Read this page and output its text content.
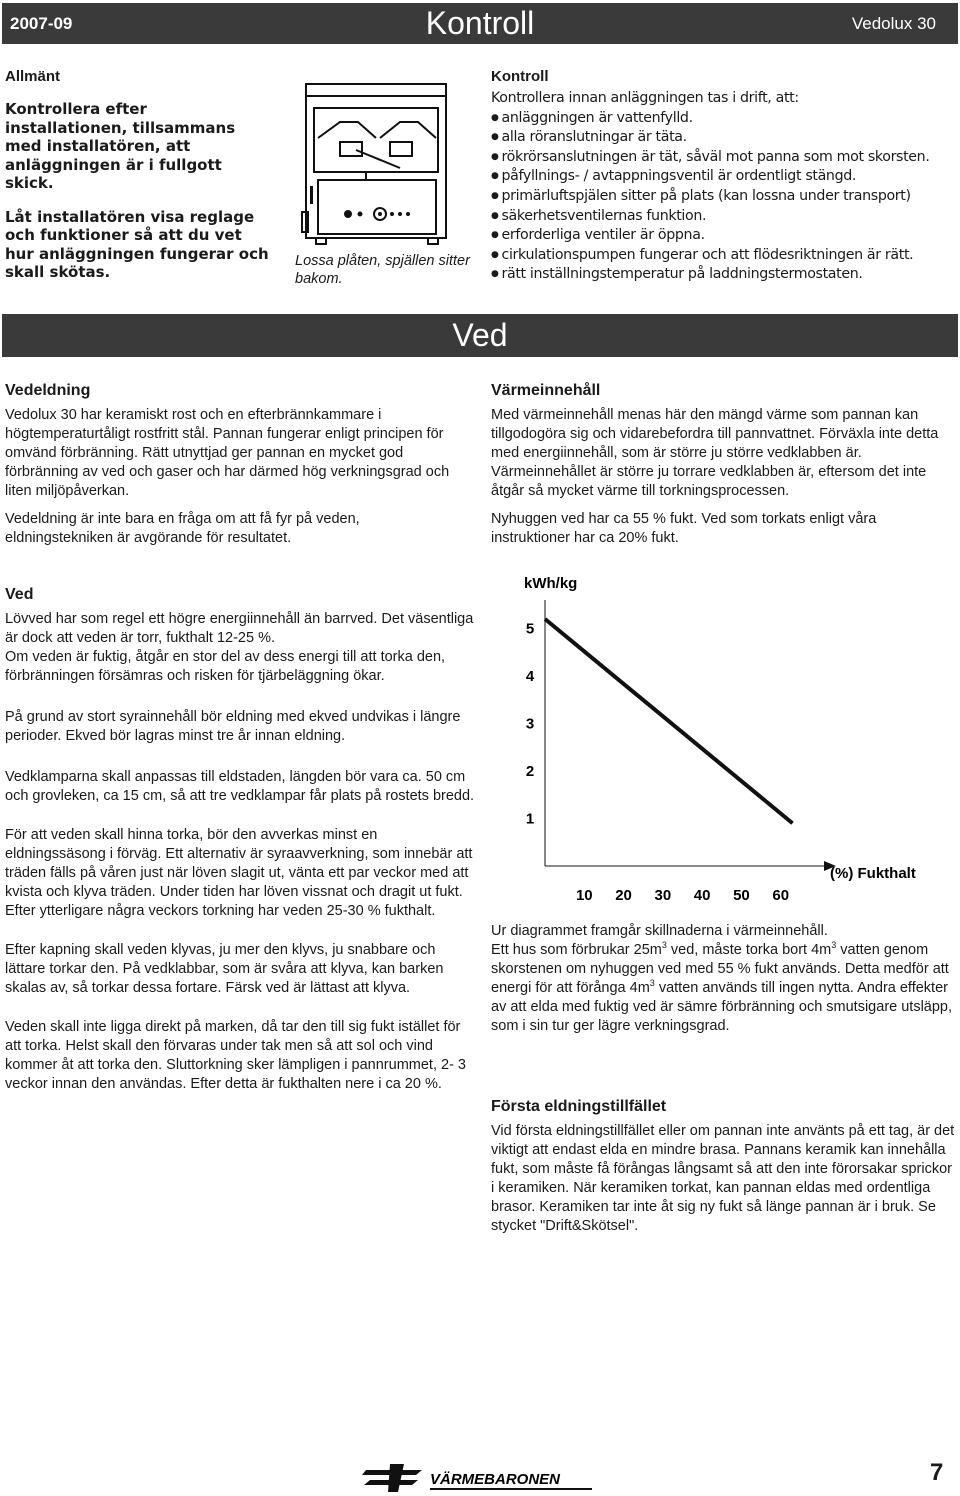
2007-09	Kontroll	Vedolux 30

Allmänt

Kontrollera efter installationen, tillsammans med installatören, att anläggningen är i fullgott skick.

Låt installatören visa reglage och funktioner så att du vet hur anläggningen fungerar och skall skötas.

Lossa plåten, spjällen sitter bakom.

Kontroll

Kontrollera innan anläggningen tas i drift, att:

● anläggningen är vattenfylld.
● alla röranslutningar är täta.
● rökrörsanslutningen är tät, såväl mot panna som mot skorsten.
● påfyllnings- / avtappningsventil är ordentligt stängd.
● primärluftspjälen sitter på plats (kan lossna under transport)
● säkerhetsventilernas funktion.
● erforderliga ventiler är öppna.
● cirkulationspumpen fungerar och att flödesriktningen är rätt.
● rätt inställningstemperatur på laddningstermostaten.
Ved

Vedeldning

Vedolux 30 har keramiskt rost och en efterbrännkammare i högtemperaturtåligt rostfritt stål. Pannan fungerar enligt principen för omvänd förbränning. Rätt utnyttjad ger pannan en mycket god förbränning av ved och gaser och har därmed hög verkningsgrad och liten miljöpåverkan.

Vedeldning är inte bara en fråga om att få fyr på veden, eldningstekniken är avgörande för resultatet.

Värmeinnehåll

Med värmeinnehåll menas här den mängd värme som pannan kan tillgodogöra sig och vidarebefordra till pannvattnet. Förväxla inte detta med energiinnehåll, som är större ju större vedklabben är. Värmeinnehållet är större ju torrare vedklabben är, eftersom det inte åtgår så mycket värme till torkningsprocessen.

Nyhuggen ved har ca 55 % fukt. Ved som torkats enligt våra instruktioner har ca 20% fukt.

Ved

Lövved har som regel ett högre energiinnehåll än barrved. Det väsentliga är dock att veden är torr, fukthalt 12-25 %.

Om veden är fuktig, åtgår en stor del av dess energi till att torka den, förbränningen försämras och risken för tjärbeläggning ökar.

På grund av stort syrainnehåll bör eldning med ekved undvikas i längre perioder. Ekved bör lagras minst tre år innan eldning.

Vedklamparna skall anpassas till eldstaden, längden bör vara ca. 50 cm och grovleken, ca 15 cm, så att tre vedklampar får plats på rostets bredd.

För att veden skall hinna torka, bör den avverkas minst en eldningssäsong i förväg. Ett alternativ är syraavverkning, som innebär att träden fälls på våren just när löven slagit ut, vänta ett par veckor med att kvista och klyva träden. Under tiden har löven vissnat och dragit ut fukt. Efter ytterligare några veckors torkning har veden 25-30 % fukthalt.

Efter kapning skall veden klyvas, ju mer den klyvs, ju snabbare och lättare torkar den. På vedklabbar, som är svåra att klyva, kan barken skalas av, så torkar dessa fortare. Färsk ved är lättast att klyva.

Veden skall inte ligga direkt på marken, då tar den till sig fukt istället för att torka. Helst skall den förvaras under tak men så att sol och vind kommer åt att torka den. Sluttorkning sker lämpligen i pannrummet, 2- 3 veckor innan den användas. Efter detta är fukthalten nere i ca 20 %.

kWh/kg
1
2
3
4
5
10 20 30 40 50 60
(%) Fukthalt

Ur diagrammet framgår skillnaderna i värmeinnehåll.

Ett hus som förbrukar $25m^3$ ved, måste torka bort $4m^3$ vatten genom skorstenen om nyhuggen ved med 55 % fukt används. Detta medför att energi för att förånga $4m^3$ vatten används till ingen nytta. Andra effekter av att elda med fuktig ved är sämre förbränning och smutsigare utsläpp, som i sin tur ger lägre verkningsgrad.

Första eldningstillfället

Vid första eldningstillfället eller om pannan inte använts på ett tag, är det viktigt att endast elda en mindre brasa. Pannans keramik kan innehålla fukt, som måste få förångas långsamt så att den inte förorsakar sprickor i keramiken. När keramiken torkat, kan pannan eldas med ordentliga brasor. Keramiken tar inte åt sig ny fukt så länge pannan är i bruk. Se stycket "Drift&Skötsel".

VÄRMEBARONEN	7
